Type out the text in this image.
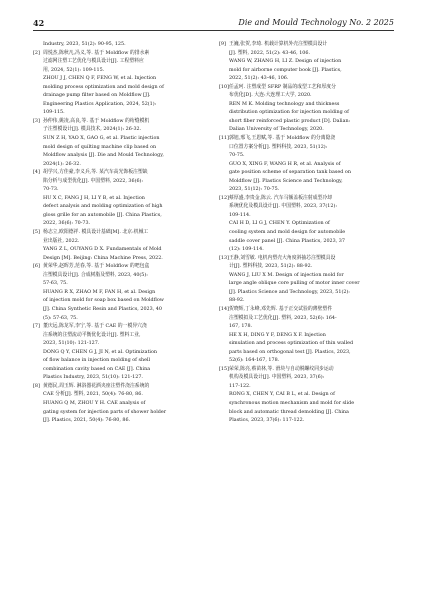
42	Die and Mould Technology No. 2 2025

Industry, 2023, 51(2): 90-95, 125.

[2] 周悦杰,陈秋凡,冯义,等. 基于 Moldflow 的排水素

过滤网注塑工艺优化与模具设计[J]. 工程塑料应

用, 2024, 52(1): 109-115.

ZHOU J J, CHEN Q F, FENG W, et al. Injection

molding process optimization and mold design of

drainage pump filter based on Moldflow [J].

Engineering Plastics Application, 2024, 52(1):

109-115.

[3] 孙仲伟,姚凌,高良,等. 基于 Moldflow 的绗缝模机

子注塑模设计[J]. 模具技术, 2024(1): 26-32.

SUN Z H, YAO X, GAO G, et al. Plastic injection

mold design of quilting machine clip based on

Moldflow analysis [J]. Die and Mould Technology,

2024(1): 26-32.

[4] 胡学兴,方佳豪,李义兵,等. 某汽车高光饰板注塑缺

陷分析与成型优化[J]. 中国塑料, 2022, 36(6):

70-73.

HU X C, FANG J H, LI Y B, et al. Injection

defect analysis and molding optimization of high

gloss grille for an automobile [J]. China Plastics,

2022, 36(6): 70-73.

[5] 杨志立,欧阳德祥. 模具设计基础[M]. 北京:机械工

业出版社, 2022.

YANG Z L, OUYANG D X. Fundamentals of Mold

Design [M]. Beijing: China Machine Press, 2022.

[6] 黄荣华,赵晖芳,范春,等. 基于 Moldflow 的吧包盒

注塑模具设计[J]. 合成树脂及塑料, 2023, 40(5):

57-63, 75.

HUANG R X, ZHAO M F, FAN H, et al. Design

of injection mold for soap box based on Moldflow

[J]. China Synthetic Resin and Plastics, 2023, 40

(5): 57-63, 75.

[7] 董庆远,陈龙军,李宁,等. 基于 CAE 的一模异穴浇

注系统的注塑流动平衡优化设计[J]. 塑料工业,

2023, 51(10): 121-127.

DONG Q Y, CHEN G J, JI N, et al. Optimization

of flow balance in injection molding of shell

combination cavity based on CAE [J]. China

Plastics Industry, 2023, 51(10): 121-127.

[8] 黄德民,周玉辉. 淋浴器花洒夹座注塑件浇注系统的

CAE 分析[J]. 塑料, 2021, 50(4): 76-80, 86.

HUANG Q M, ZHOU Y H. CAE analysis of

gating system for injection parts of shower holder

[J]. Plastics, 2021, 50(4): 76-80, 86.

[9] 王巍,张贺,李琦. 机载计算机外壳注塑模具设计

[J]. 塑料, 2022, 51(2): 43-46, 106.

WANG W, ZHANG H, LI Z. Design of injection

mold for airborne computer book [J]. Plastics,

2022, 51(2): 43-46, 106.

[10] 任孟珂. 注塑成型 SFRP 制品的成型工艺和厚度分

布优化[D]. 大连:大连理工大学, 2020.

REN M K. Molding technology and thickness

distribution optimization for injection molding of

short fiber reinforced plastic product [D]. Dalian:

Dalian University of Technology, 2020.

[11] 郭旭,邢飞,王恩赋,等. 基于 Moldflow 的分离隐浇

口位置方案分析[J]. 塑料科技, 2023, 51(12):

70-75.

GUO X, XING F, WANG H R, et al. Analysis of

gate position scheme of separation tank based on

Moldflow [J]. Plastics Science and Technology,

2023, 51(12): 70-75.

[12] 蔡厚盛,李贵金,陈云. 汽车马额盖板注射成型冷却

系统优化及模具设计[J]. 中国塑料, 2023, 37(12):

109-114.

CAI H D, LI G J, CHEN Y. Optimization of

cooling system and mold design for automobile

saddle cover panel [J]. China Plastics, 2023, 37

(12): 109-114.

[13] 王静,刘雪敏. 电机内塑壳大角度斜抽芯注塑模具设

计[J]. 塑料科技, 2023, 51(2): 88-92.

WANG J, LIU X M. Design of injection mold for

large angle oblique core pulling of motor inner cover

[J]. Plastics Science and Technology, 2023, 51(2):

88-92.

[14] 贺晓辉,丁永峰,邓先辉. 基于正交试验的薄壁塑件

注塑模拟及工艺优化[J]. 塑料, 2023, 52(6): 164-

167, 178.

HE X H, DING Y F, DENG X F. Injection

simulation and process optimization of thin walled

parts based on orthogonal test [J]. Plastics, 2023,

52(6): 164-167, 178.

[15] 荣荣,陈亮,蔡苗林,等. 滑块与自动脱螺纹同步运动

机构及模具设计[J]. 中国塑料, 2023, 37(6):

117-122.

RONG X, CHEN Y, CAI B L, et al. Design of

synchronous motion mechanism and mold for slide

block and automatic thread demolding [J]. China

Plastics, 2023, 37(6): 117-122.
